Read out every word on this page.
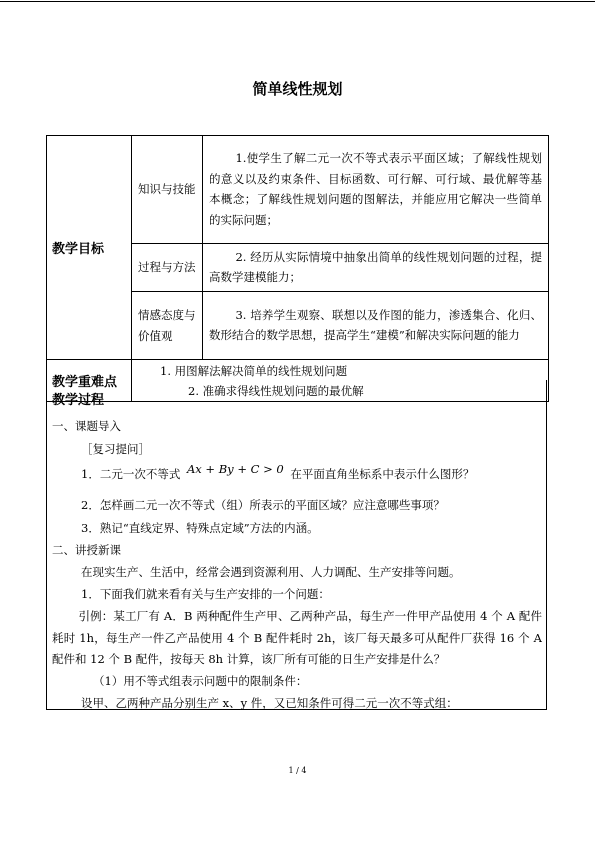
简单线性规划
教学目标	知识与技能	1.使学生了解二元一次不等式表示平面区域；了解线性规划的意义以及约束条件、目标函数、可行解、可行域、最优解等基本概念；了解线性规划问题的图解法，并能应用它解决一些简单的实际问题；
	过程与方法	2. 经历从实际情境中抽象出简单的线性规划问题的过程，提高数学建模能力；
	情感态度与价值观	3. 培养学生观察、联想以及作图的能力，渗透集合、化归、数形结合的数学思想，提高学生“建模”和解决实际问题的能力
教学重难点	1. 用图解法解决简单的线性规划问题
2. 准确求得线性规划问题的最优解	
教学过程
一、课题导入
［复习提问］
1．二元一次不等式 Ax + By + C > 0 在平面直角坐标系中表示什么图形？
2．怎样画二元一次不等式（组）所表示的平面区域？应注意哪些事项？
3．熟记“直线定界、特殊点定域”方法的内涵。
二、讲授新课
在现实生产、生活中，经常会遇到资源利用、人力调配、生产安排等问题。
1．下面我们就来看有关与生产安排的一个问题：
引例：某工厂有 A．B 两种配件生产甲、乙两种产品，每生产一件甲产品使用 4 个 A 配件耗时 1h，每生产一件乙产品使用 4 个 B 配件耗时 2h，该厂每天最多可从配件厂获得 16 个 A 配件和 12 个 B 配件，按每天 8h 计算，该厂所有可能的日生产安排是什么？
（1）用不等式组表示问题中的限制条件：
设甲、乙两种产品分别生产 x、y 件，又已知条件可得二元一次不等式组：
1 / 4
